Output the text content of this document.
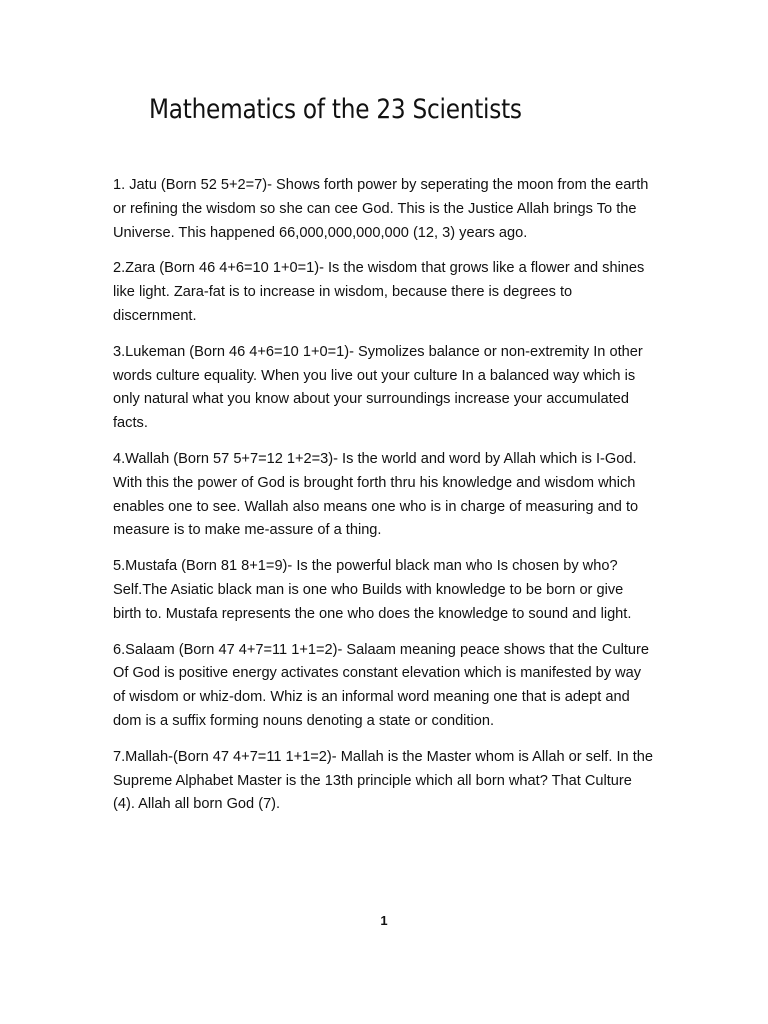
Mathematics of the 23 Scientists

1. Jatu (Born 52 5+2=7)- Shows forth power by seperating the moon from the earth or refining the wisdom so she can cee God. This is the Justice Allah brings To the Universe. This happened 66,000,000,000,000 (12, 3) years ago.

2.Zara (Born 46 4+6=10 1+0=1)- Is the wisdom that grows like a flower and shines like light. Zara-fat is to increase in wisdom, because there is degrees to discernment.

3.Lukeman (Born 46 4+6=10 1+0=1)- Symolizes balance or non-extremity In other words culture equality. When you live out your culture In a balanced way which is only natural what you know about your surroundings increase your accumulated facts.

4.Wallah (Born 57 5+7=12 1+2=3)- Is the world and word by Allah which is I-God. With this the power of God is brought forth thru his knowledge and wisdom which enables one to see. Wallah also means one who is in charge of measuring and to measure is to make me-assure of a thing.

5.Mustafa (Born 81 8+1=9)- Is the powerful black man who Is chosen by who? Self.The Asiatic black man is one who Builds with knowledge to be born or give birth to. Mustafa represents the one who does the knowledge to sound and light.

6.Salaam (Born 47 4+7=11 1+1=2)- Salaam meaning peace shows that the Culture Of God is positive energy activates constant elevation which is manifested by way of wisdom or whiz-dom. Whiz is an informal word meaning one that is adept and dom is a suffix forming nouns denoting a state or condition.

7.Mallah-(Born 47 4+7=11 1+1=2)- Mallah is the Master whom is Allah or self. In the Supreme Alphabet Master is the 13th principle which all born what? That Culture (4). Allah all born God (7).

1
